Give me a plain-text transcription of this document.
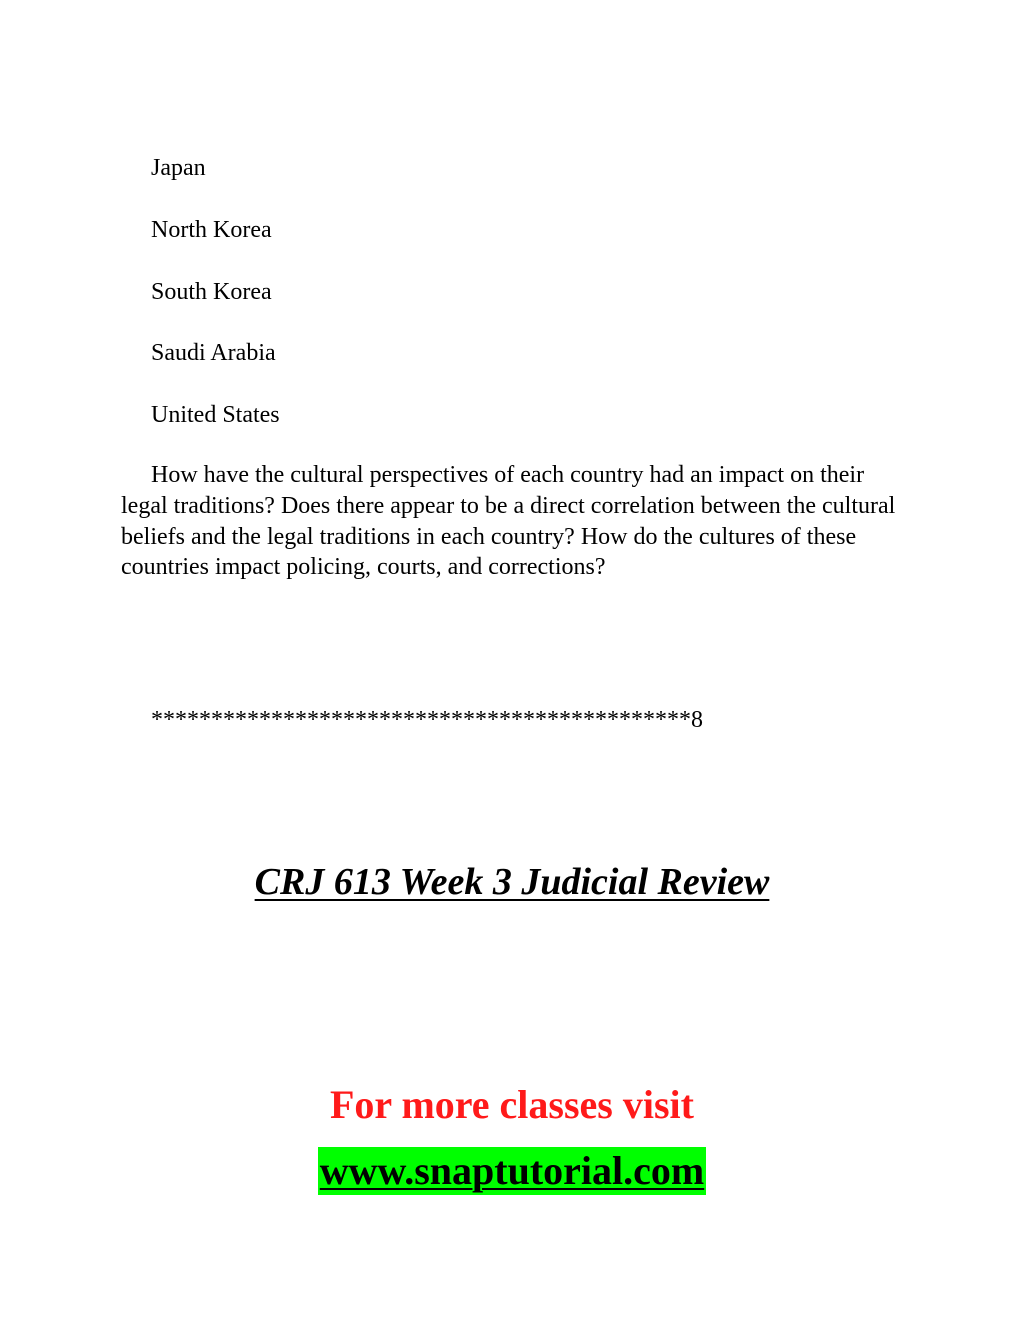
Japan
North Korea
South Korea
Saudi Arabia
United States
How have the cultural perspectives of each country had an impact on their legal traditions? Does there appear to be a direct correlation between the cultural beliefs and the legal traditions in each country? How do the cultures of these countries impact policing, courts, and corrections?
*********************************************8
CRJ 613 Week 3 Judicial Review
For more classes visit
www.snaptutorial.com
